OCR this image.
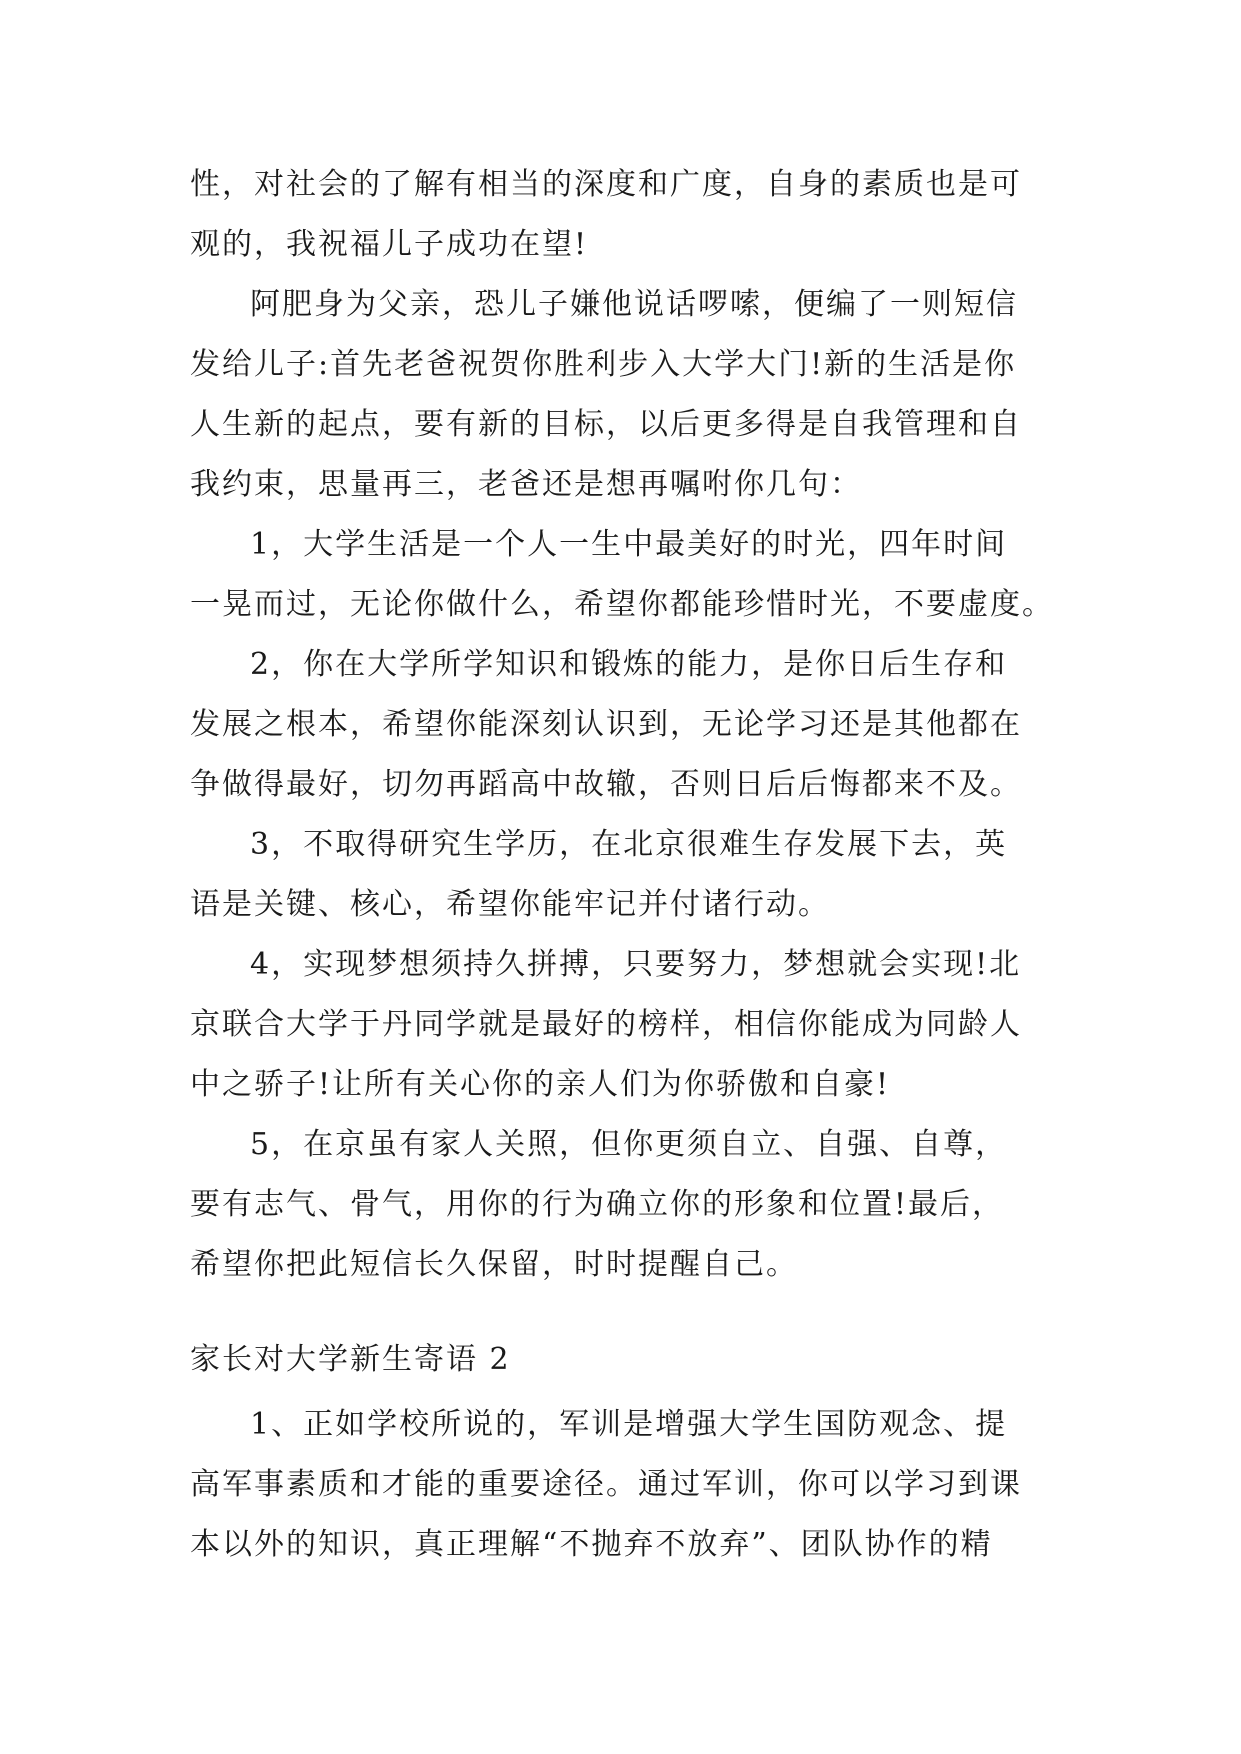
性，对社会的了解有相当的深度和广度，自身的素质也是可
观的，我祝福儿子成功在望!
阿肥身为父亲，恐儿子嫌他说话啰嗦，便编了一则短信
发给儿子:首先老爸祝贺你胜利步入大学大门!新的生活是你
人生新的起点，要有新的目标，以后更多得是自我管理和自
我约束，思量再三，老爸还是想再嘱咐你几句：
1，大学生活是一个人一生中最美好的时光，四年时间
一晃而过，无论你做什么，希望你都能珍惜时光，不要虚度。
2，你在大学所学知识和锻炼的能力，是你日后生存和
发展之根本，希望你能深刻认识到，无论学习还是其他都在
争做得最好，切勿再蹈高中故辙，否则日后后悔都来不及。
3，不取得研究生学历，在北京很难生存发展下去，英
语是关键、核心，希望你能牢记并付诸行动。
4，实现梦想须持久拼搏，只要努力，梦想就会实现!北
京联合大学于丹同学就是最好的榜样，相信你能成为同龄人
中之骄子!让所有关心你的亲人们为你骄傲和自豪!
5，在京虽有家人关照，但你更须自立、自强、自尊，
要有志气、骨气，用你的行为确立你的形象和位置!最后，
希望你把此短信长久保留，时时提醒自己。
家长对大学新生寄语 2
1、正如学校所说的，军训是增强大学生国防观念、提
高军事素质和才能的重要途径。通过军训，你可以学习到课
本以外的知识，真正理解“不抛弃不放弃”、团队协作的精
